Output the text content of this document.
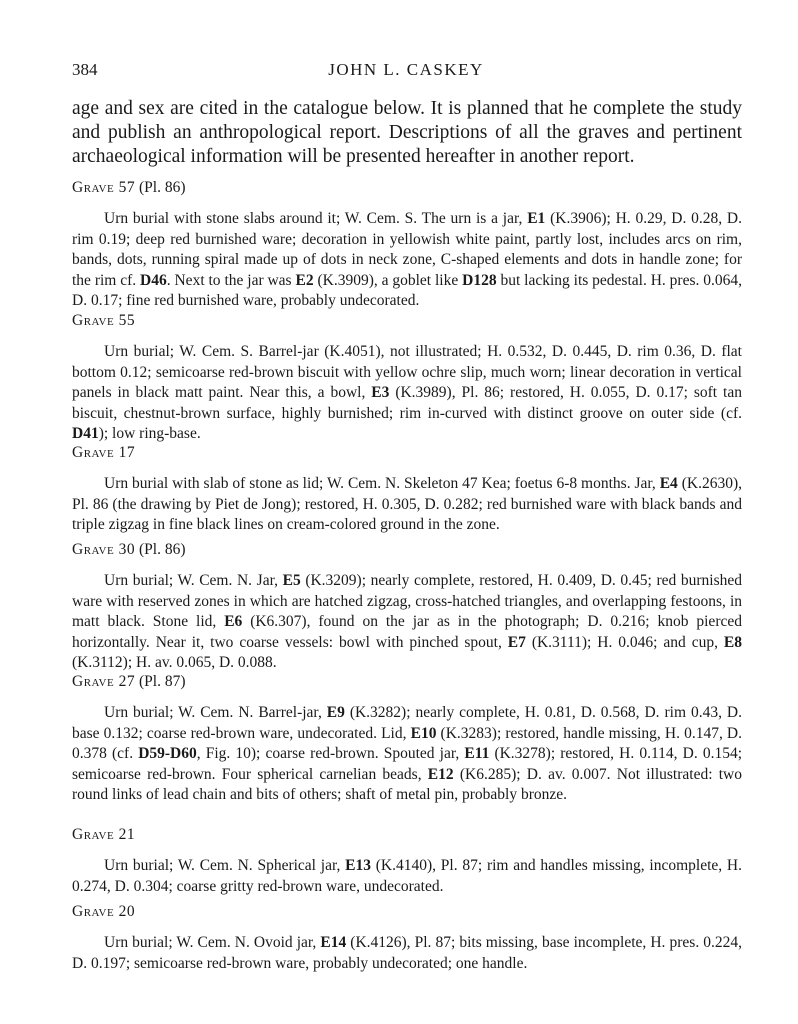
384	JOHN L. CASKEY

age and sex are cited in the catalogue below. It is planned that he complete the study and publish an anthropological report. Descriptions of all the graves and pertinent archaeological information will be presented hereafter in another report.

Grave 57 (Pl. 86)

Urn burial with stone slabs around it; W. Cem. S. The urn is a jar, E1 (K.3906); H. 0.29, D. 0.28, D. rim 0.19; deep red burnished ware; decoration in yellowish white paint, partly lost, includes arcs on rim, bands, dots, running spiral made up of dots in neck zone, C-shaped elements and dots in handle zone; for the rim cf. D46. Next to the jar was E2 (K.3909), a goblet like D128 but lacking its pedestal. H. pres. 0.064, D. 0.17; fine red burnished ware, probably undecorated.

Grave 55

Urn burial; W. Cem. S. Barrel-jar (K.4051), not illustrated; H. 0.532, D. 0.445, D. rim 0.36, D. flat bottom 0.12; semicoarse red-brown biscuit with yellow ochre slip, much worn; linear decoration in vertical panels in black matt paint. Near this, a bowl, E3 (K.3989), Pl. 86; restored, H. 0.055, D. 0.17; soft tan biscuit, chestnut-brown surface, highly burnished; rim in-curved with distinct groove on outer side (cf. D41); low ring-base.

Grave 17

Urn burial with slab of stone as lid; W. Cem. N. Skeleton 47 Kea; foetus 6-8 months. Jar, E4 (K.2630), Pl. 86 (the drawing by Piet de Jong); restored, H. 0.305, D. 0.282; red burnished ware with black bands and triple zigzag in fine black lines on cream-colored ground in the zone.

Grave 30 (Pl. 86)

Urn burial; W. Cem. N. Jar, E5 (K.3209); nearly complete, restored, H. 0.409, D. 0.45; red burnished ware with reserved zones in which are hatched zigzag, cross-hatched triangles, and overlapping festoons, in matt black. Stone lid, E6 (K6.307), found on the jar as in the photograph; D. 0.216; knob pierced horizontally. Near it, two coarse vessels: bowl with pinched spout, E7 (K.3111); H. 0.046; and cup, E8 (K.3112); H. av. 0.065, D. 0.088.

Grave 27 (Pl. 87)

Urn burial; W. Cem. N. Barrel-jar, E9 (K.3282); nearly complete, H. 0.81, D. 0.568, D. rim 0.43, D. base 0.132; coarse red-brown ware, undecorated. Lid, E10 (K.3283); restored, handle missing, H. 0.147, D. 0.378 (cf. D59-D60, Fig. 10); coarse red-brown. Spouted jar, E11 (K.3278); restored, H. 0.114, D. 0.154; semicoarse red-brown. Four spherical carnelian beads, E12 (K6.285); D. av. 0.007. Not illustrated: two round links of lead chain and bits of others; shaft of metal pin, probably bronze.

Grave 21

Urn burial; W. Cem. N. Spherical jar, E13 (K.4140), Pl. 87; rim and handles missing, incomplete, H. 0.274, D. 0.304; coarse gritty red-brown ware, undecorated.

Grave 20

Urn burial; W. Cem. N. Ovoid jar, E14 (K.4126), Pl. 87; bits missing, base incomplete, H. pres. 0.224, D. 0.197; semicoarse red-brown ware, probably undecorated; one handle.
